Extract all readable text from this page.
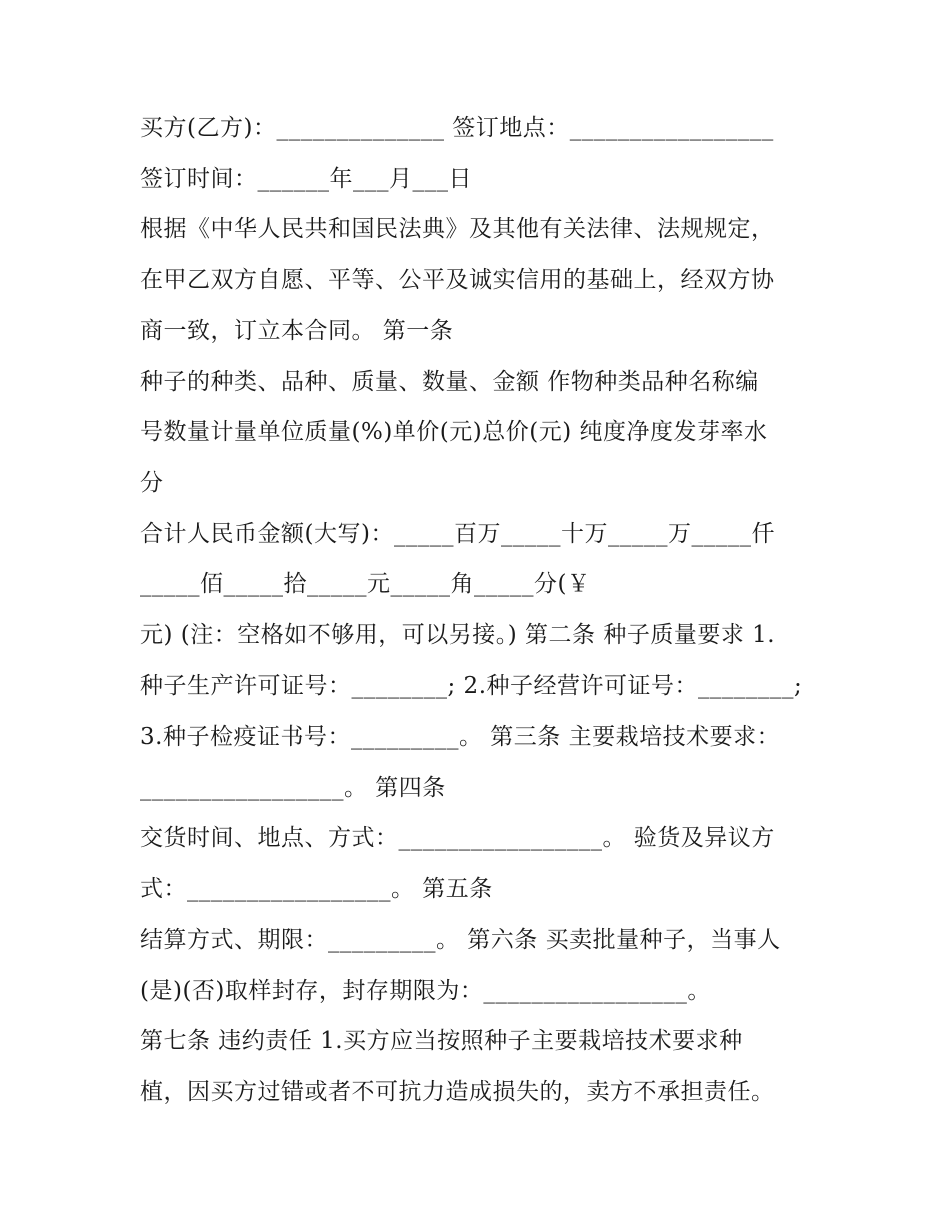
买方(乙方)：______________ 签订地点：_________________
签订时间：______年___月___日
根据《中华人民共和国民法典》及其他有关法律、法规规定，
在甲乙双方自愿、平等、公平及诚实信用的基础上，经双方协
商一致，订立本合同。 第一条
种子的种类、品种、质量、数量、金额 作物种类品种名称编
号数量计量单位质量(%)单价(元)总价(元) 纯度净度发芽率水
分
合计人民币金额(大写)：_____百万_____十万_____万_____仟
_____佰_____拾_____元_____角_____分(￥
元) (注：空格如不够用，可以另接。) 第二条 种子质量要求 1.
种子生产许可证号：________; 2.种子经营许可证号：________;
3.种子检疫证书号：_________。 第三条 主要栽培技术要求：
_________________。 第四条
交货时间、地点、方式：_________________。 验货及异议方
式：_________________。 第五条
结算方式、期限：_________。 第六条 买卖批量种子，当事人
(是)(否)取样封存，封存期限为：_________________。
第七条 违约责任 1.买方应当按照种子主要栽培技术要求种
植，因买方过错或者不可抗力造成损失的，卖方不承担责任。
